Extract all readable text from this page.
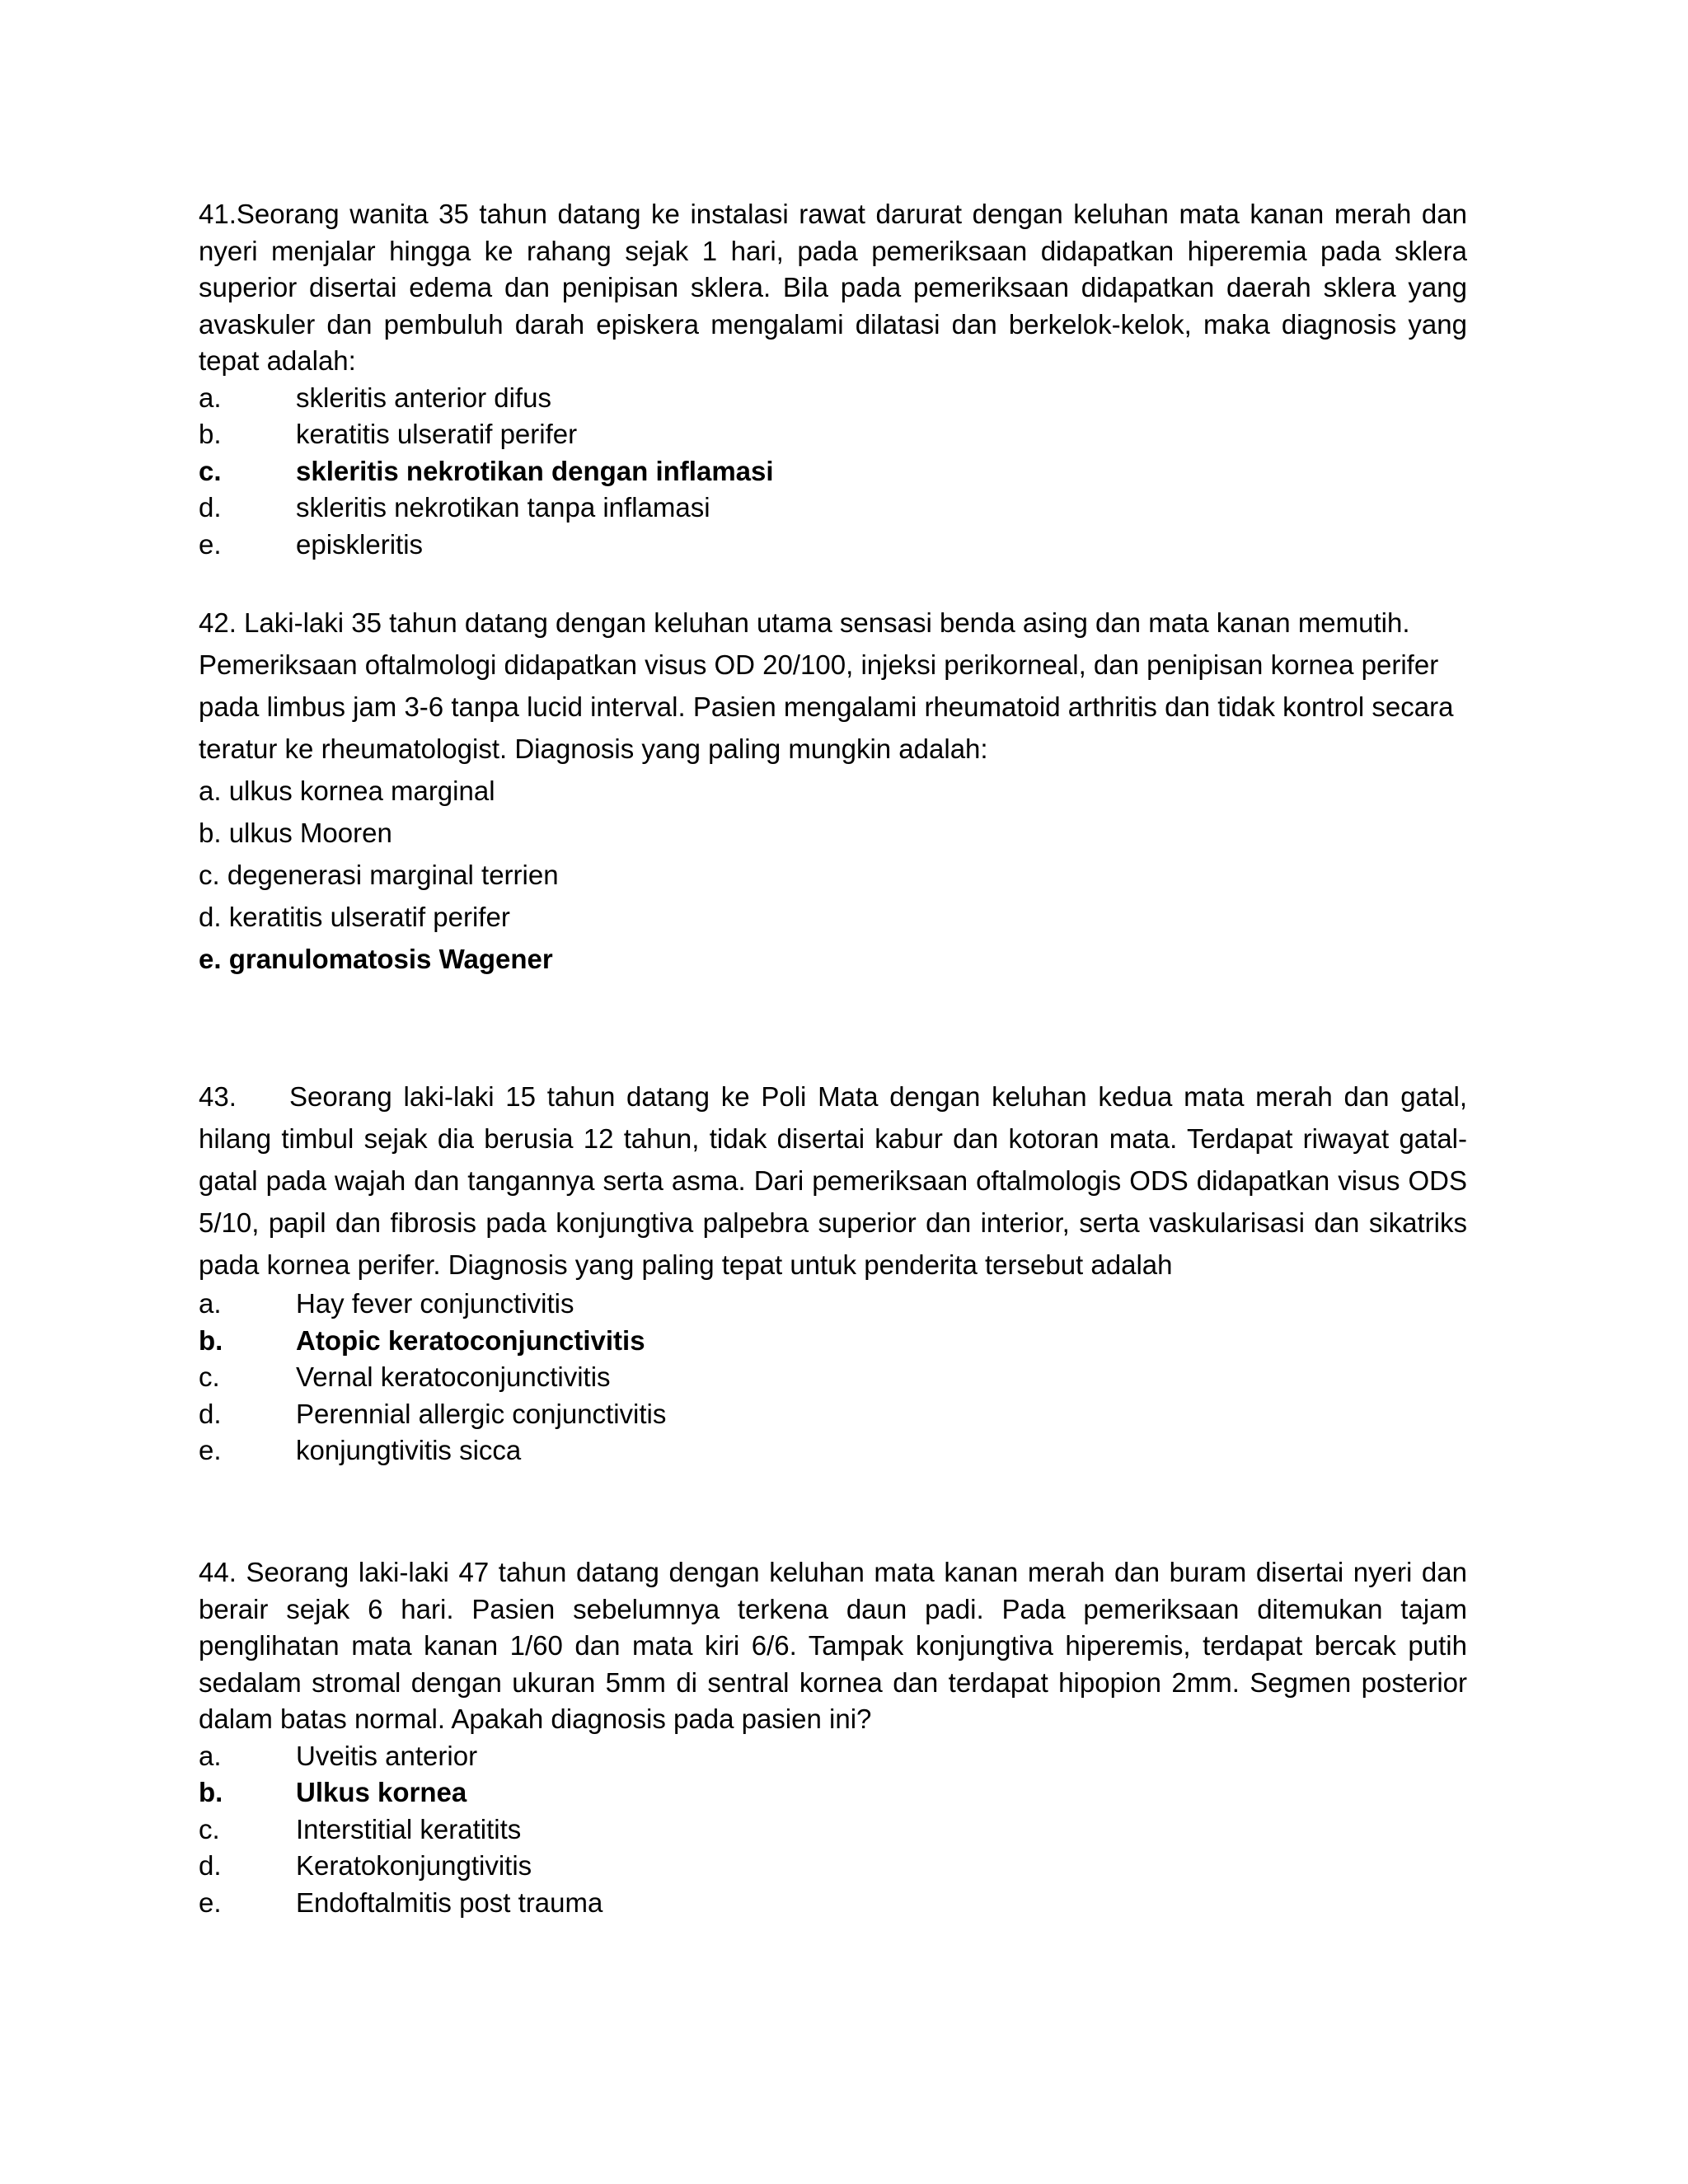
41.Seorang wanita 35 tahun datang ke instalasi rawat darurat dengan keluhan mata kanan merah dan nyeri menjalar hingga ke rahang sejak 1 hari, pada pemeriksaan didapatkan hiperemia pada sklera superior disertai edema dan penipisan sklera. Bila pada pemeriksaan didapatkan daerah sklera yang avaskuler dan pembuluh darah episkera mengalami dilatasi dan berkelok-kelok, maka diagnosis yang tepat adalah:

a.	skleritis anterior difus
b.	keratitis ulseratif perifer
c.	skleritis nekrotikan dengan inflamasi
d.	skleritis nekrotikan tanpa inflamasi
e.	episkleritis

42. Laki-laki 35 tahun datang dengan keluhan utama sensasi benda asing dan mata kanan memutih. Pemeriksaan oftalmologi didapatkan visus OD 20/100, injeksi perikorneal, dan penipisan kornea perifer pada limbus jam 3-6 tanpa lucid interval. Pasien mengalami rheumatoid arthritis dan tidak kontrol secara teratur ke rheumatologist. Diagnosis yang paling mungkin adalah:

a. ulkus kornea marginal
b. ulkus Mooren
c. degenerasi marginal terrien
d. keratitis ulseratif perifer
e. granulomatosis Wagener

43. Seorang laki-laki 15 tahun datang ke Poli Mata dengan keluhan kedua mata merah dan gatal, hilang timbul sejak dia berusia 12 tahun, tidak disertai kabur dan kotoran mata. Terdapat riwayat gatal-gatal pada wajah dan tangannya serta asma. Dari pemeriksaan oftalmologis ODS didapatkan visus ODS 5/10, papil dan fibrosis pada konjungtiva palpebra superior dan interior, serta vaskularisasi dan sikatriks pada kornea perifer. Diagnosis yang paling tepat untuk penderita tersebut adalah

a.	Hay fever conjunctivitis
b.	Atopic keratoconjunctivitis
c.	Vernal keratoconjunctivitis
d.	Perennial allergic conjunctivitis
e.	konjungtivitis sicca

44. Seorang laki-laki 47 tahun datang dengan keluhan mata kanan merah dan buram disertai nyeri dan berair sejak 6 hari. Pasien sebelumnya terkena daun padi. Pada pemeriksaan ditemukan tajam penglihatan mata kanan 1/60 dan mata kiri 6/6. Tampak konjungtiva hiperemis, terdapat bercak putih sedalam stromal dengan ukuran 5mm di sentral kornea dan terdapat hipopion 2mm. Segmen posterior dalam batas normal. Apakah diagnosis pada pasien ini?

a.	Uveitis anterior
b.	Ulkus kornea
c.	Interstitial keratitits
d.	Keratokonjungtivitis
e.	Endoftalmitis post trauma
